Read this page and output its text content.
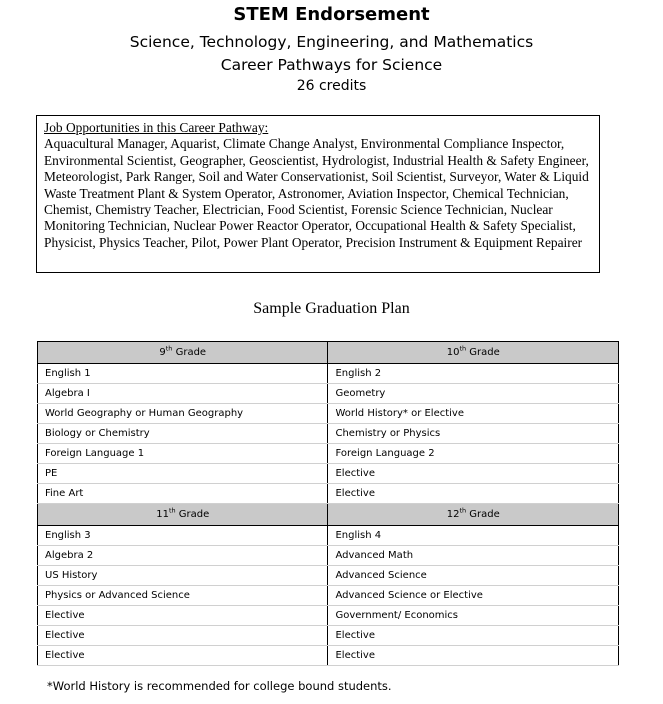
STEM Endorsement
Science, Technology, Engineering, and Mathematics
Career Pathways for Science
26 credits
Job Opportunities in this Career Pathway:
Aquacultural Manager, Aquarist, Climate Change Analyst, Environmental Compliance Inspector, Environmental Scientist, Geographer, Geoscientist, Hydrologist, Industrial Health & Safety Engineer, Meteorologist, Park Ranger, Soil and Water Conservationist, Soil Scientist, Surveyor, Water & Liquid Waste Treatment Plant & System Operator, Astronomer, Aviation Inspector, Chemical Technician, Chemist, Chemistry Teacher, Electrician, Food Scientist, Forensic Science Technician, Nuclear Monitoring Technician, Nuclear Power Reactor Operator, Occupational Health & Safety Specialist, Physicist, Physics Teacher, Pilot, Power Plant Operator, Precision Instrument & Equipment Repairer
Sample Graduation Plan
9th Grade	10th Grade
English 1	English 2
Algebra I	Geometry
World Geography or Human Geography	World History* or Elective
Biology or Chemistry	Chemistry or Physics
Foreign Language 1	Foreign Language 2
PE	Elective
Fine Art	Elective
11th Grade	12th Grade
English 3	English 4
Algebra 2	Advanced Math
US History	Advanced Science
Physics or Advanced Science	Advanced Science or Elective
Elective	Government/ Economics
Elective	Elective
Elective	Elective
*World History is recommended for college bound students.
